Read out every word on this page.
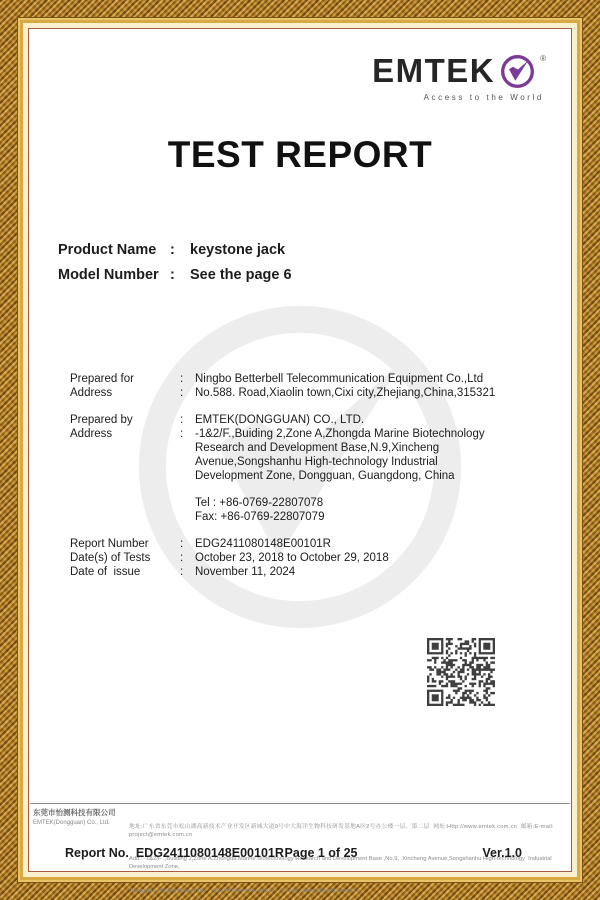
EMTEK	®
Access to the World
TEST REPORT
Product Name :	keystone jack
Model Number :	See the page 6
Prepared for	:	Ningbo Betterbell Telecommunication Equipment Co.,Ltd
Address	:	No.588. Road,Xiaolin town,Cixi city,Zhejiang,China,315321
Prepared by	:	EMTEK(DONGGUAN) CO., LTD.
Address	:	-1&2/F.,Buiding 2,Zone A,Zhongda Marine Biotechnology
Research and Development Base,N.9,Xincheng
Avenue,Songshanhu High-technology Industrial
Development Zone, Dongguan, Guangdong, China
Tel : +86-0769-22807078
Fax: +86-0769-22807079
Report Number	:	EDG2411080148E00101R
Date(s) of Tests	:	October 23, 2018 to October 29, 2018
Date of  issue	:	November 11, 2024
东莞市怡测科技有限公司
EMTEK(Dongguan) Co., Ltd.

地址:广东省东莞市松山湖高新技术产业开发区新城大道9号中大海洋生物科技研发基地A区2号办公楼一层、第二层  网址:Http://www.emtek.com.cn  邮箱:E-mail: project@emtek.com.cn

Add : -1&2/F .,Building 2,Zone A,Zhongda Marine Biotechnology Research and Development Base ,No.9,  Xincheng Avenue,Songshanhu High-technology  Industrial Development Zone,

Dongguan, Guangdong,China   Http://www.emtek.com.cn   E-mail: project@emtek.com.cn

Report No. EDG2411080148E00101R Page 1 of 25	Ver.1.0
